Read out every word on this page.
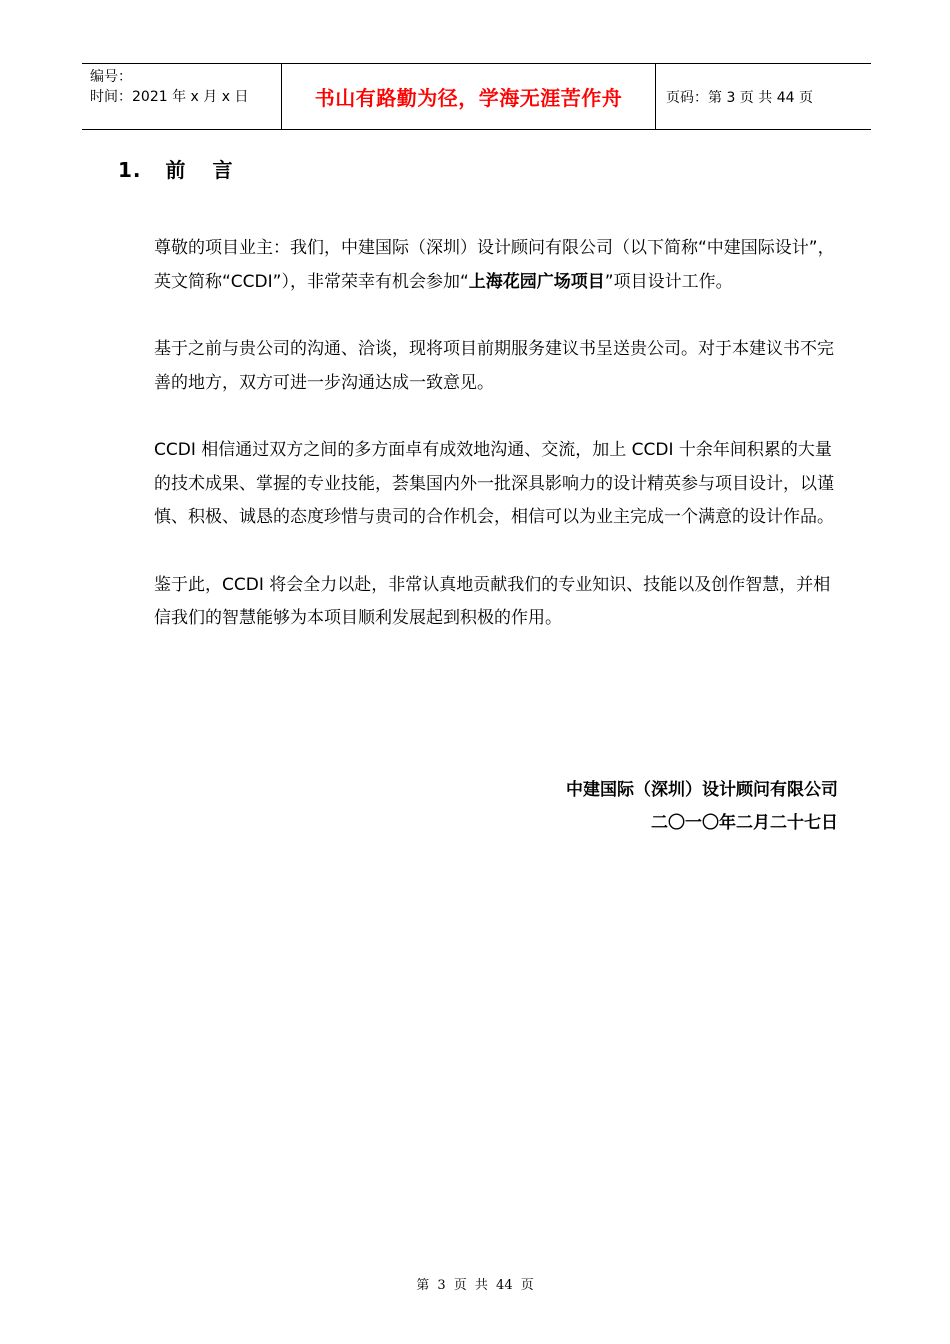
编号：
时间：2021 年 x 月 x 日	书山有路勤为径，学海无涯苦作舟	页码：第 3 页 共 44 页
1. 前 言

尊敬的项目业主：我们，中建国际（深圳）设计顾问有限公司（以下简称“中建国际设计”，英文简称“CCDI”），非常荣幸有机会参加“上海花园广场项目”项目设计工作。

基于之前与贵公司的沟通、洽谈，现将项目前期服务建议书呈送贵公司。对于本建议书不完善的地方，双方可进一步沟通达成一致意见。

CCDI 相信通过双方之间的多方面卓有成效地沟通、交流，加上 CCDI 十余年间积累的大量的技术成果、掌握的专业技能，荟集国内外一批深具影响力的设计精英参与项目设计，以谨慎、积极、诚恳的态度珍惜与贵司的合作机会，相信可以为业主完成一个满意的设计作品。

鉴于此，CCDI 将会全力以赴，非常认真地贡献我们的专业知识、技能以及创作智慧，并相信我们的智慧能够为本项目顺利发展起到积极的作用。

中建国际（深圳）设计顾问有限公司
二〇一〇年二月二十七日
第 3 页 共 44 页
